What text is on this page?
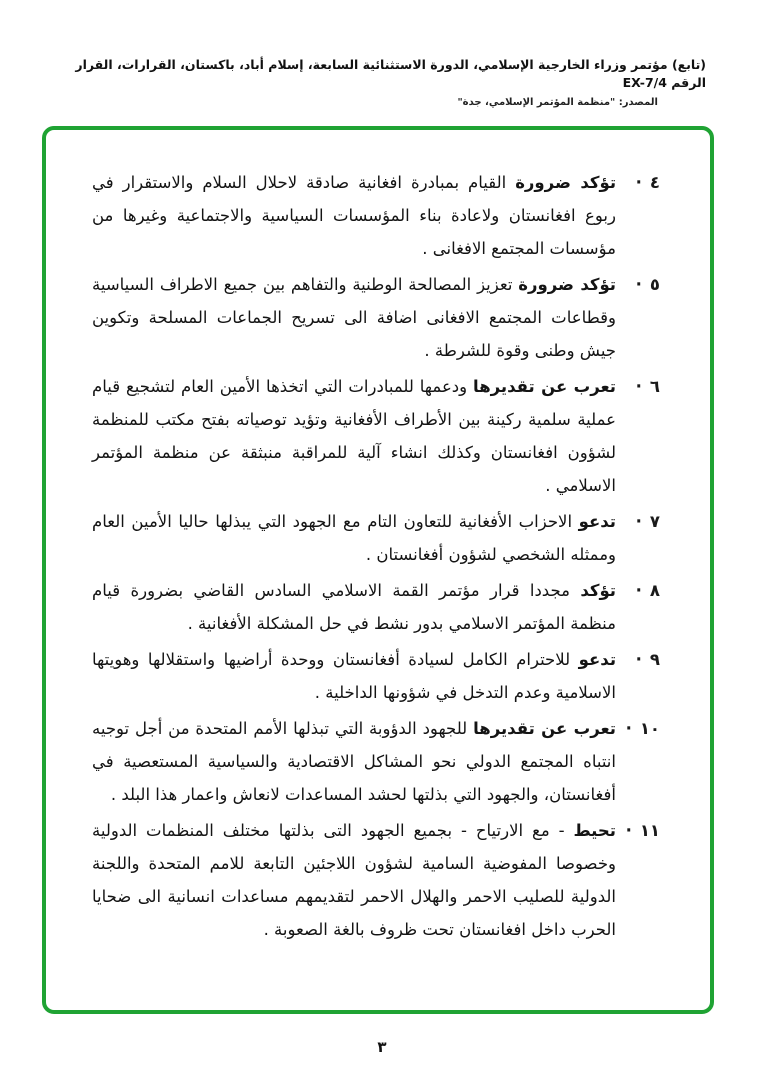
(تابع) مؤتمر وزراء الخارجية الإسلامي، الدورة الاستثنائية السابعة، إسلام أباد، باكستان، القرارات، القرار الرقم EX-7/4
المصدر: "منظمة المؤتمر الإسلامي، جدة"
٤
·
تؤكد ضرورة القيام بمبادرة افغانية صادقة لاحلال السلام والاستقرار في ربوع افغانستان ولاعادة بناء المؤسسات السياسية والاجتماعية وغيرها من مؤسسات المجتمع الافغانى .
٥
·
تؤكد ضرورة تعزيز المصالحة الوطنية والتفاهم بين جميع الاطراف السياسية وقطاعات المجتمع الافغانى اضافة الى تسريح الجماعات المسلحة وتكوين جيش وطنى وقوة للشرطة .
٦
·
تعرب عن تقديرها ودعمها للمبادرات التي اتخذها الأمين العام لتشجيع قيام عملية سلمية ركينة بين الأطراف الأفغانية وتؤيد توصياته بفتح مكتب للمنظمة لشؤون افغانستان وكذلك انشاء آلية للمراقبة منبثقة عن منظمة المؤتمر الاسلامي .
٧
·
تدعو الاحزاب الأفغانية للتعاون التام مع الجهود التي يبذلها حاليا الأمين العام وممثله الشخصي لشؤون أفغانستان .
٨
·
تؤكد مجددا قرار مؤتمر القمة الاسلامي السادس القاضي بضرورة قيام منظمة المؤتمر الاسلامي بدور نشط في حل المشكلة الأفغانية .
٩
·
تدعو للاحترام الكامل لسيادة أفغانستان ووحدة أراضيها واستقلالها وهويتها الاسلامية وعدم التدخل في شؤونها الداخلية .
١٠
·
تعرب عن تقديرها للجهود الدؤوبة التي تبذلها الأمم المتحدة من أجل توجيه انتباه المجتمع الدولي نحو المشاكل الاقتصادية والسياسية المستعصية في أفغانستان، والجهود التي بذلتها لحشد المساعدات لانعاش واعمار هذا البلد .
١١
·
تحيط - مع الارتياح - بجميع الجهود التى بذلتها مختلف المنظمات الدولية وخصوصا المفوضية السامية لشؤون اللاجئين التابعة للامم المتحدة واللجنة الدولية للصليب الاحمر والهلال الاحمر لتقديمهم مساعدات انسانية الى ضحايا الحرب داخل افغانستان تحت ظروف بالغة الصعوبة .
٣
